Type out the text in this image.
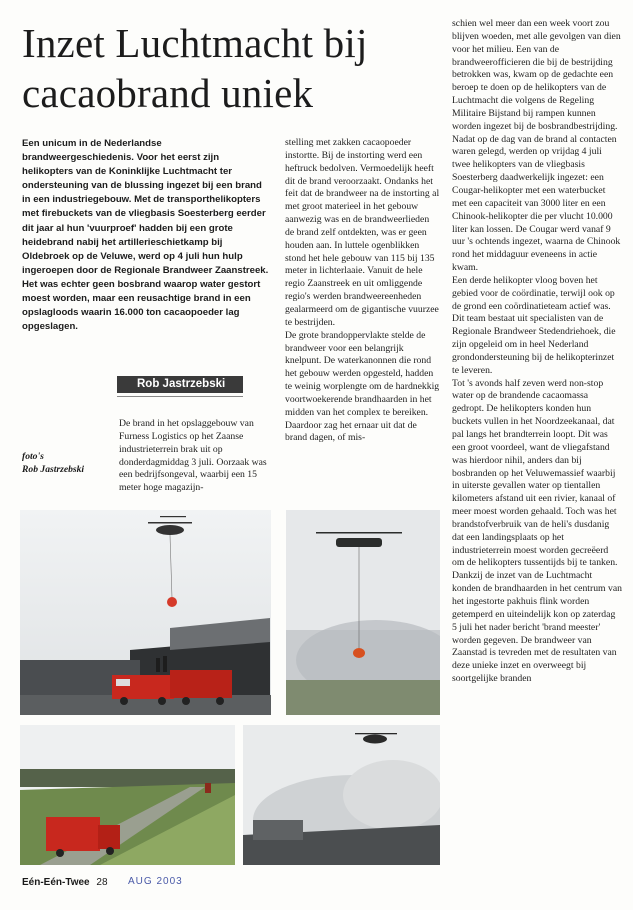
Inzet Luchtmacht bij cacaobrand uniek
Een unicum in de Nederlandse brandweergeschiedenis. Voor het eerst zijn helikopters van de Koninklijke Luchtmacht ter ondersteuning van de blussing ingezet bij een brand in een industriegebouw. Met de transporthelikopters met firebuckets van de vliegbasis Soesterberg eerder dit jaar al hun 'vuurproef' hadden bij een grote heidebrand nabij het artillerieschietkamp bij Oldebroek op de Veluwe, werd op 4 juli hun hulp ingeroepen door de Regionale Brandweer Zaanstreek. Het was echter geen bosbrand waarop water gestort moest worden, maar een reusachtige brand in een opslagloods waarin 16.000 ton cacaopoeder lag opgeslagen.
Rob Jastrzebski
foto's
Rob Jastrzebski

De brand in het opslaggebouw van Furness Logistics op het Zaanse industrieterrein brak uit op donderdagmiddag 3 juli. Oorzaak was een bedrijfsongeval, waarbij een 15 meter hoge magazijn-

stelling met zakken cacaopoeder instortte. Bij de instorting werd een heftruck bedolven. Vermoedelijk heeft dit de brand veroorzaakt. Ondanks het feit dat de brandweer na de instorting al met groot materieel in het gebouw aanwezig was en de brandweerlieden de brand zelf ontdekten, was er geen houden aan. In luttele ogenblikken stond het hele gebouw van 115 bij 135 meter in lichterlaaie. Vanuit de hele regio Zaanstreek en uit omliggende regio's werden brandweereenheden gealarmeerd om de gigantische vuurzee te bestrijden.

De grote brandoppervlakte stelde de brandweer voor een belangrijk knelpunt. De waterkanonnen die rond het gebouw werden opgesteld, hadden te weinig worplengte om de hardnekkig voortwoekerende brandhaarden in het midden van het complex te bereiken. Daardoor zag het ernaar uit dat de brand dagen, of mis-

schien wel meer dan een week voort zou blijven woeden, met alle gevolgen van dien voor het milieu. Een van de brandweerofficieren die bij de bestrijding betrokken was, kwam op de gedachte een beroep te doen op de helikopters van de Luchtmacht die volgens de Regeling Militaire Bijstand bij rampen kunnen worden ingezet bij de bosbrandbestrijding. Nadat op de dag van de brand al contacten waren gelegd, werden op vrijdag 4 juli twee helikopters van de vliegbasis Soesterberg daadwerkelijk ingezet: een Cougar-helikopter met een waterbucket met een capaciteit van 3000 liter en een Chinook-helikopter die per vlucht 10.000 liter kan lossen. De Cougar werd vanaf 9 uur 's ochtends ingezet, waarna de Chinook rond het middaguur eveneens in actie kwam.

Een derde helikopter vloog boven het gebied voor de coördinatie, terwijl ook op de grond een coördinatieteam actief was. Dit team bestaat uit specialisten van de Regionale Brandweer Stedendriehoek, die zijn opgeleid om in heel Nederland grondondersteuning bij de helikopterinzet te leveren.

Tot 's avonds half zeven werd non-stop water op de brandende cacaomassa gedropt. De helikopters konden hun buckets vullen in het Noordzeekanaal, dat pal langs het brandterrein loopt. Dit was een groot voordeel, want de vliegafstand was hierdoor nihil, anders dan bij bosbranden op het Veluwemassief waarbij in uiterste gevallen water op tientallen kilometers afstand uit een rivier, kanaal of meer moest worden gehaald. Toch was het brandstofverbruik van de heli's dusdanig dat een landingsplaats op het industrieterrein moest worden gecreëerd om de helikopters tussentijds bij te tanken.

Dankzij de inzet van de Luchtmacht konden de brandhaarden in het centrum van het ingestorte pakhuis flink worden getemperd en uiteindelijk kon op zaterdag 5 juli het nader bericht 'brand meester' worden gegeven. De brandweer van Zaanstad is tevreden met de resultaten van deze unieke inzet en overweegt bij soortgelijke branden

Eén-Eén-Twee 28 AUG 2003
